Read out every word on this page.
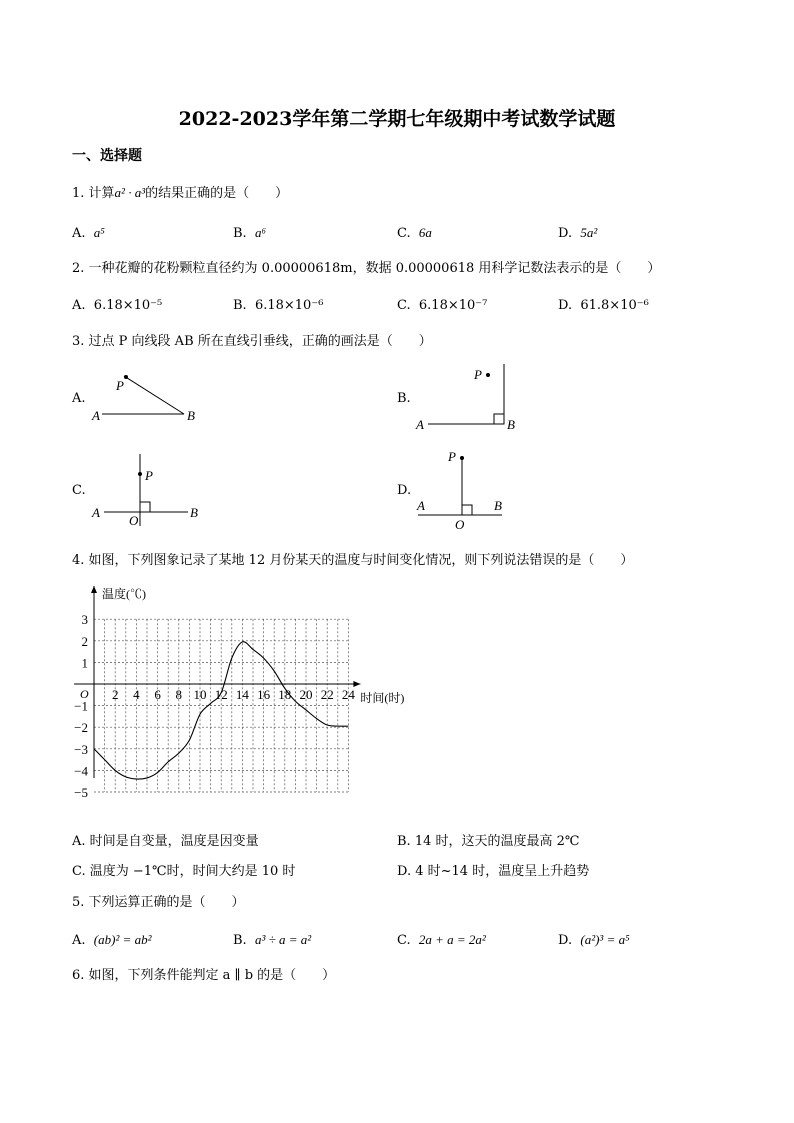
2022-2023学年第二学期七年级期中考试数学试题
一、选择题
1. 计算a² · a³的结果正确的是（　　）
A. a⁵	B. a⁶	C. 6a	D. 5a²
2. 一种花瓣的花粉颗粒直径约为 0.00000618m，数据 0.00000618 用科学记数法表示的是（　　）
A. 6.18×10⁻⁵	B. 6.18×10⁻⁶	C. 6.18×10⁻⁷	D. 61.8×10⁻⁶
3. 过点 P 向线段 AB 所在直线引垂线，正确的画法是（　　）
A.
P
A	B
B.
P
A	B
C.
P
A	B
O
D.
P
A	B
O
4. 如图，下列图象记录了某地 12 月份某天的温度与时间变化情况，则下列说法错误的是（　　）
2 4 6 8 10 12 14 16 18 20 22 24
3
2
1
−1
−2
−3
−4
−5
温度(℃)
时间(时)
O
A. 时间是自变量，温度是因变量	B. 14 时，这天的温度最高 2℃
C. 温度为 −1℃时，时间大约是 10 时	D. 4 时~14 时，温度呈上升趋势
5. 下列运算正确的是（　　）
A. (ab)² = ab²	B. a³ ÷ a = a²	C. 2a + a = 2a²	D. (a²)³ = a⁵
6. 如图，下列条件能判定 a ∥ b 的是（　　）
